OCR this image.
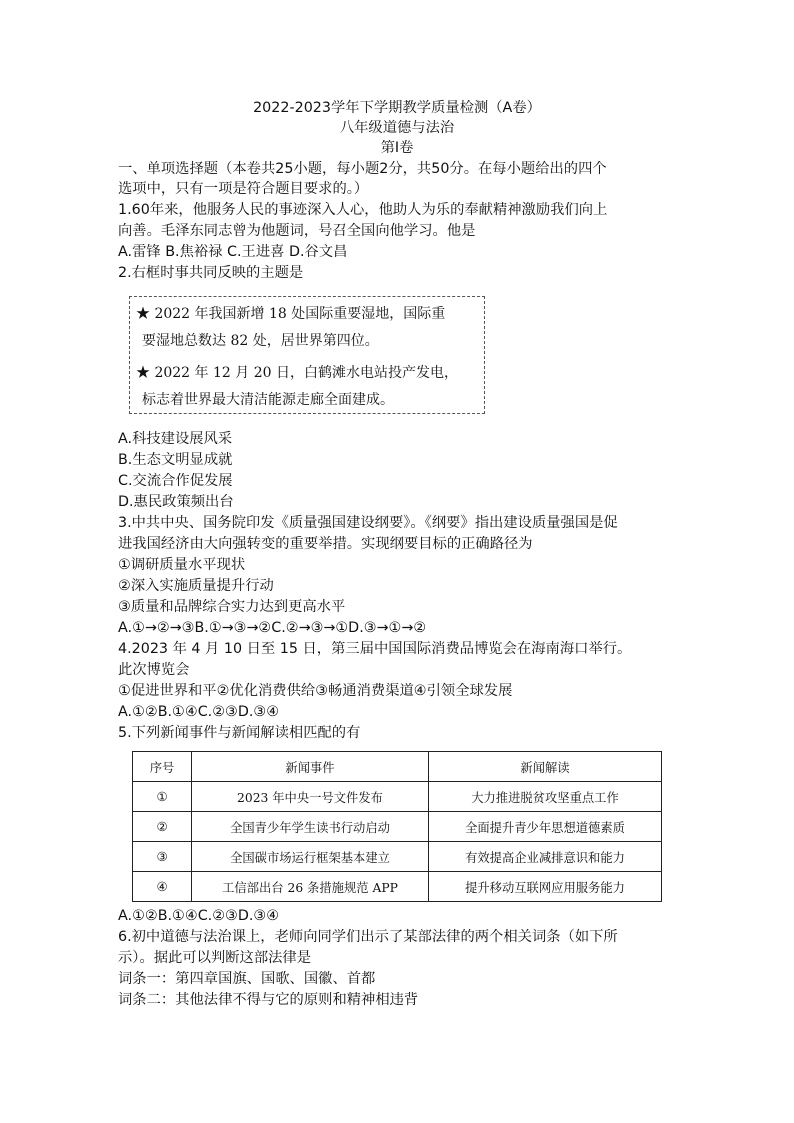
2022-2023学年下学期教学质量检测（A卷）
八年级道德与法治
第Ⅰ卷
一、单项选择题（本卷共25小题，每小题2分，共50分。在每小题给出的四个
选项中，只有一项是符合题目要求的。）
1.60年来，他服务人民的事迹深入人心，他助人为乐的奉献精神激励我们向上
向善。毛泽东同志曾为他题词，号召全国向他学习。他是
A.雷锋 B.焦裕禄 C.王进喜 D.谷文昌
2.右框时事共同反映的主题是
★ 2022 年我国新增 18 处国际重要湿地，国际重
要湿地总数达 82 处，居世界第四位。
★ 2022 年 12 月 20 日，白鹤滩水电站投产发电，
标志着世界最大清洁能源走廊全面建成。
A.科技建设展风采
B.生态文明显成就
C.交流合作促发展
D.惠民政策频出台
3.中共中央、国务院印发《质量强国建设纲要》。《纲要》指出建设质量强国是促
进我国经济由大向强转变的重要举措。实现纲要目标的正确路径为
①调研质量水平现状
②深入实施质量提升行动
③质量和品牌综合实力达到更高水平
A.①→②→③B.①→③→②C.②→③→①D.③→①→②
4.2023 年 4 月 10 日至 15 日，第三届中国国际消费品博览会在海南海口举行。
此次博览会
①促进世界和平②优化消费供给③畅通消费渠道④引领全球发展
A.①②B.①④C.②③D.③④
5.下列新闻事件与新闻解读相匹配的有
序号	新闻事件	新闻解读
①	2023 年中央一号文件发布	大力推进脱贫攻坚重点工作
②	全国青少年学生读书行动启动	全面提升青少年思想道德素质
③	全国碳市场运行框架基本建立	有效提高企业减排意识和能力
④	工信部出台 26 条措施规范 APP	提升移动互联网应用服务能力
A.①②B.①④C.②③D.③④
6.初中道德与法治课上，老师向同学们出示了某部法律的两个相关词条（如下所
示）。据此可以判断这部法律是
词条一：第四章国旗、国歌、国徽、首都
词条二：其他法律不得与它的原则和精神相违背
